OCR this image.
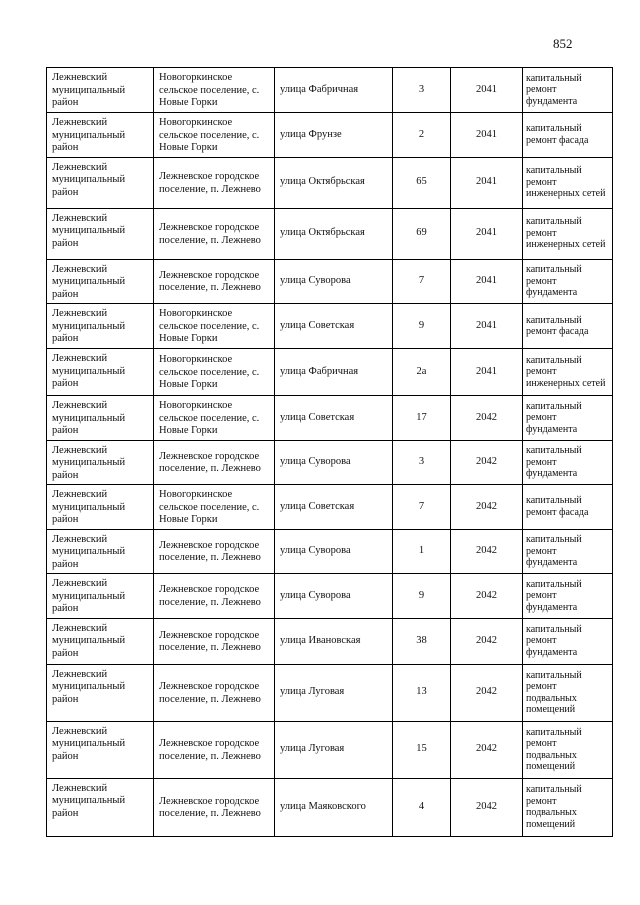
852
Лежневский муниципальный район	Новогоркинское сельское поселение, с. Новые Горки	улица Фабричная	3	2041	капитальный ремонт фундамента
Лежневский муниципальный район	Новогоркинское сельское поселение, с. Новые Горки	улица Фрунзе	2	2041	капитальный ремонт фасада
Лежневский муниципальный район	Лежневское городское поселение, п. Лежнево	улица Октябрьская	65	2041	капитальный ремонт инженерных сетей
Лежневский муниципальный район	Лежневское городское поселение, п. Лежнево	улица Октябрьская	69	2041	капитальный ремонт инженерных сетей
Лежневский муниципальный район	Лежневское городское поселение, п. Лежнево	улица Суворова	7	2041	капитальный ремонт фундамента
Лежневский муниципальный район	Новогоркинское сельское поселение, с. Новые Горки	улица Советская	9	2041	капитальный ремонт фасада
Лежневский муниципальный район	Новогоркинское сельское поселение, с. Новые Горки	улица Фабричная	2а	2041	капитальный ремонт инженерных сетей
Лежневский муниципальный район	Новогоркинское сельское поселение, с. Новые Горки	улица Советская	17	2042	капитальный ремонт фундамента
Лежневский муниципальный район	Лежневское городское поселение, п. Лежнево	улица Суворова	3	2042	капитальный ремонт фундамента
Лежневский муниципальный район	Новогоркинское сельское поселение, с. Новые Горки	улица Советская	7	2042	капитальный ремонт фасада
Лежневский муниципальный район	Лежневское городское поселение, п. Лежнево	улица Суворова	1	2042	капитальный ремонт фундамента
Лежневский муниципальный район	Лежневское городское поселение, п. Лежнево	улица Суворова	9	2042	капитальный ремонт фундамента
Лежневский муниципальный район	Лежневское городское поселение, п. Лежнево	улица Ивановская	38	2042	капитальный ремонт фундамента
Лежневский муниципальный район	Лежневское городское поселение, п. Лежнево	улица Луговая	13	2042	капитальный ремонт подвальных помещений
Лежневский муниципальный район	Лежневское городское поселение, п. Лежнево	улица Луговая	15	2042	капитальный ремонт подвальных помещений
Лежневский муниципальный район	Лежневское городское поселение, п. Лежнево	улица Маяковского	4	2042	капитальный ремонт подвальных помещений
